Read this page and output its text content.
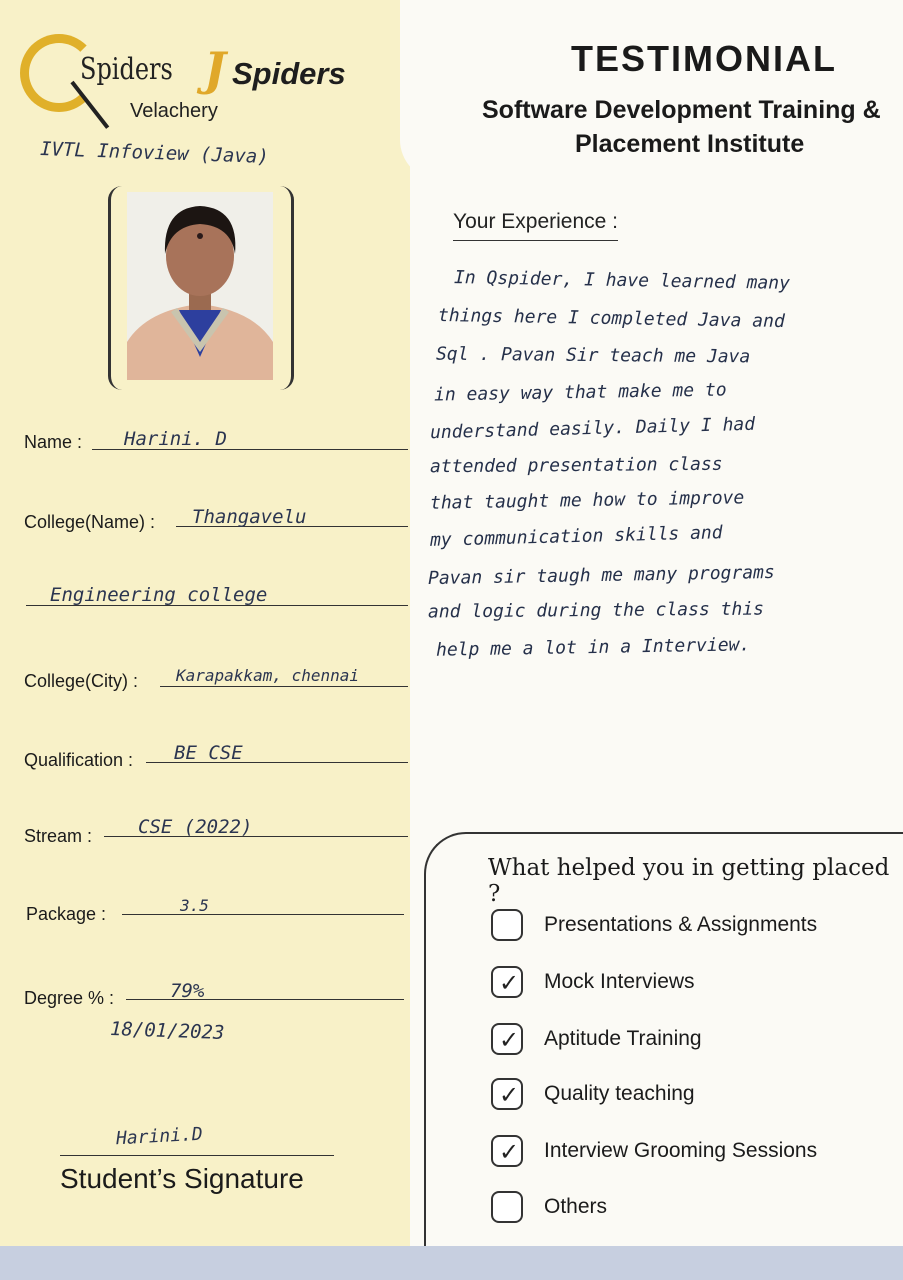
Spiders J Spiders
Velachery
IVTL Infoview (Java)
TESTIMONIAL
Software Development Training &
Placement Institute
Your Experience :
In Qspider, I have learned many
things here I completed Java and
Sql . Pavan Sir teach me Java
in easy way that make me to
understand easily. Daily I had
attended presentation class
that taught me how to improve
my communication skills and
Pavan sir taugh me many programs
and logic during the class this
help me a lot in a Interview.
Name : Harini. D
College(Name) : Thangavelu
Engineering college
College(City) : Karapakkam, chennai
Qualification : BE CSE
Stream : CSE (2022)
Package :	3.5
Degree % :	79%
18/01/2023
Harini.D
Student’s Signature
What helped you in getting placed ?
Presentations & Assignments
✓ Mock Interviews
✓ Aptitude Training
✓ Quality teaching
✓ Interview Grooming Sessions
Others
